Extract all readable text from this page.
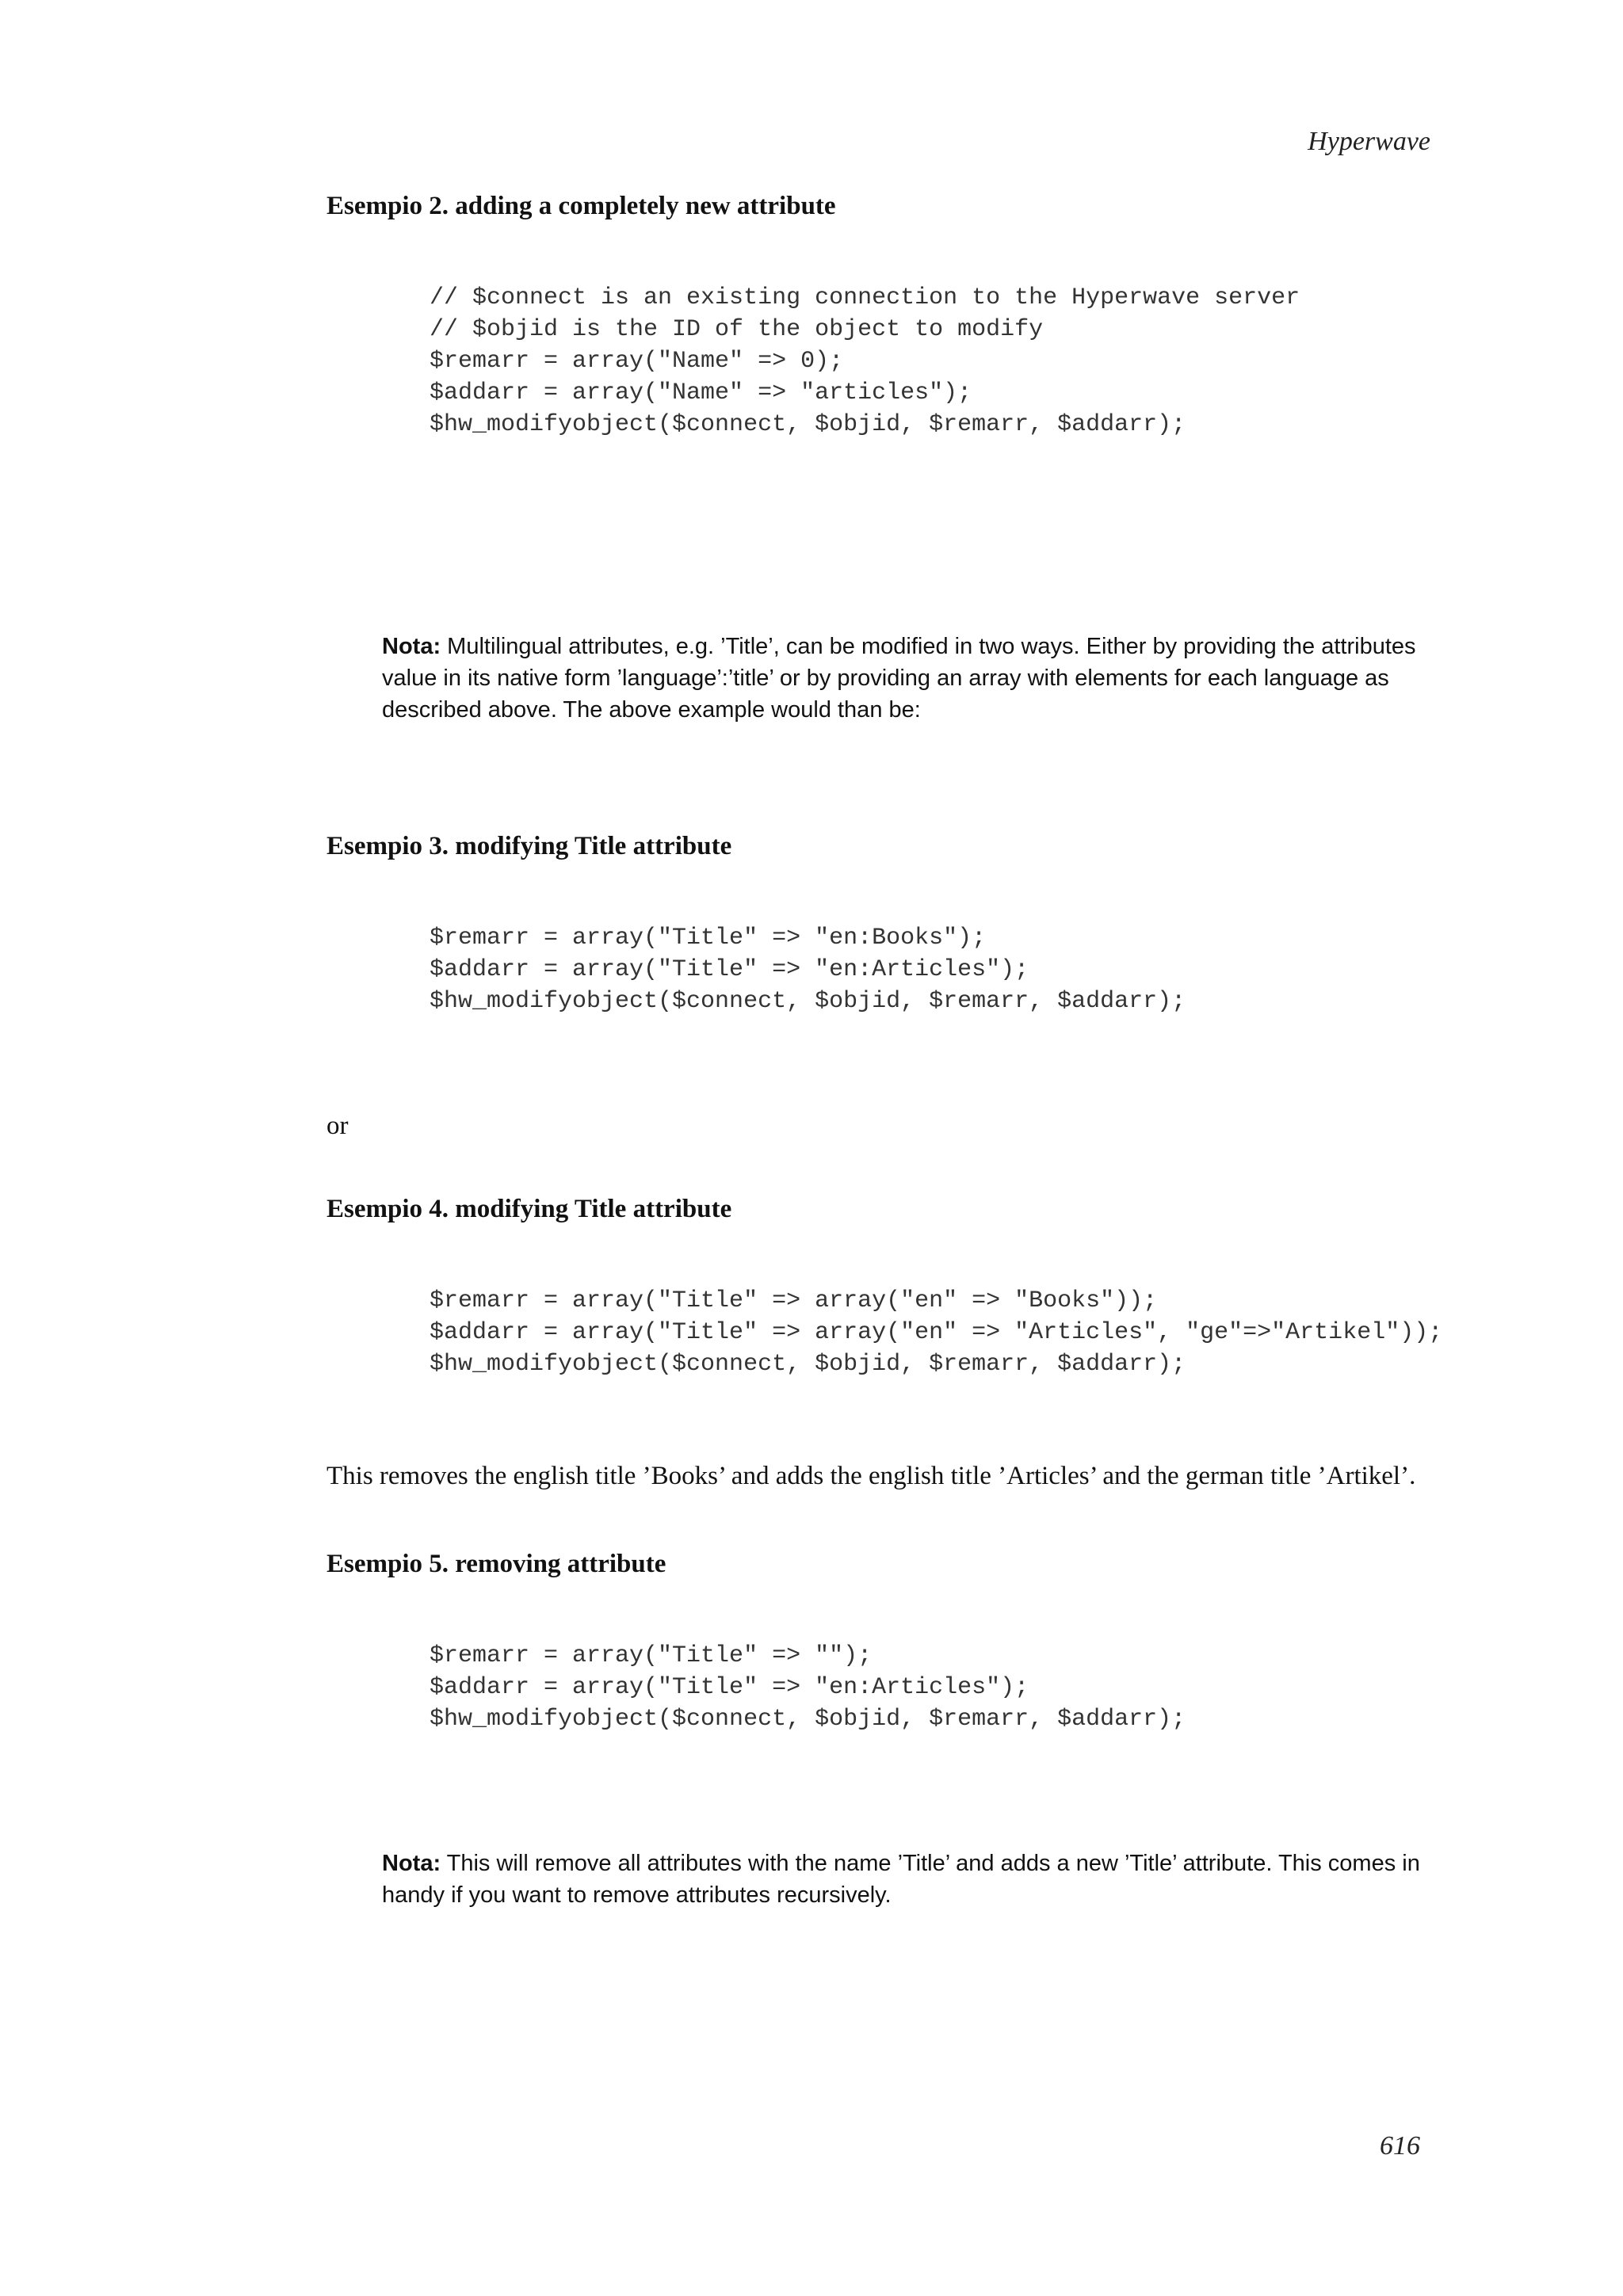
Hyperwave
Esempio 2. adding a completely new attribute
// $connect is an existing connection to the Hyperwave server
// $objid is the ID of the object to modify
$remarr = array("Name" => 0);
$addarr = array("Name" => "articles");
$hw_modifyobject($connect, $objid, $remarr, $addarr);

Nota: Multilingual attributes, e.g. ’Title’, can be modified in two ways. Either by providing the attributes value in its native form ’language’:’title’ or by providing an array with elements for each language as described above. The above example would than be:

Esempio 3. modifying Title attribute
$remarr = array("Title" => "en:Books");
$addarr = array("Title" => "en:Articles");
$hw_modifyobject($connect, $objid, $remarr, $addarr);

or

Esempio 4. modifying Title attribute
$remarr = array("Title" => array("en" => "Books"));
$addarr = array("Title" => array("en" => "Articles", "ge"=>"Artikel"));
$hw_modifyobject($connect, $objid, $remarr, $addarr);

This removes the english title ’Books’ and adds the english title ’Articles’ and the german title ’Artikel’.

Esempio 5. removing attribute
$remarr = array("Title" => "");
$addarr = array("Title" => "en:Articles");
$hw_modifyobject($connect, $objid, $remarr, $addarr);

Nota: This will remove all attributes with the name ’Title’ and adds a new ’Title’ attribute. This comes in handy if you want to remove attributes recursively.

616
